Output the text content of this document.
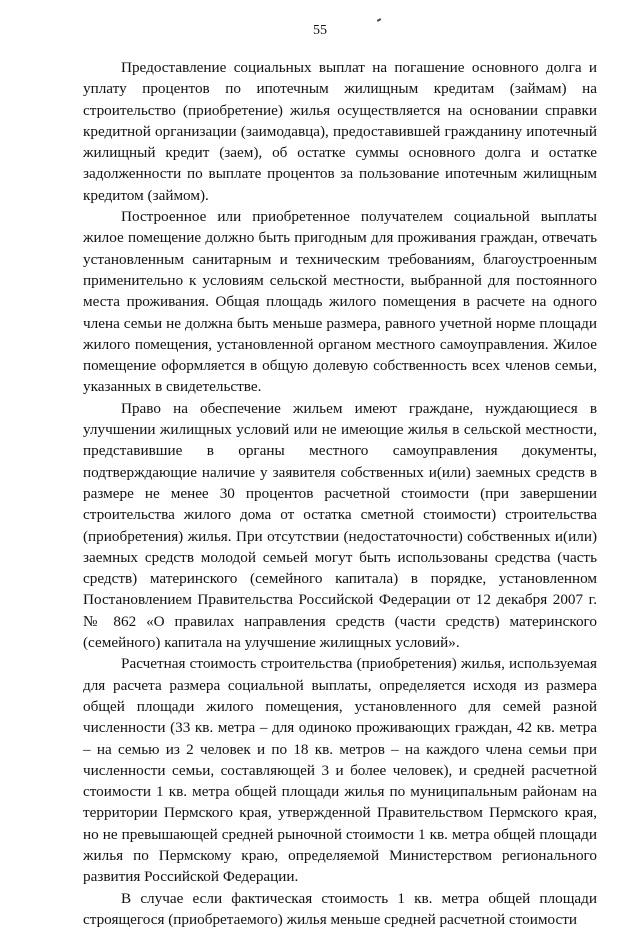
55

Предоставление социальных выплат на погашение основного долга и уплату процентов по ипотечным жилищным кредитам (займам) на строительство (приобретение) жилья осуществляется на основании справки кредитной организации (заимодавца), предоставившей гражданину ипотечный жилищный кредит (заем), об остатке суммы основного долга и остатке задолженности по выплате процентов за пользование ипотечным жилищным кредитом (займом).

Построенное или приобретенное получателем социальной выплаты жилое помещение должно быть пригодным для проживания граждан, отвечать установленным санитарным и техническим требованиям, благоустроенным применительно к условиям сельской местности, выбранной для постоянного места проживания. Общая площадь жилого помещения в расчете на одного члена семьи не должна быть меньше размера, равного учетной норме площади жилого помещения, установленной органом местного самоуправления. Жилое помещение оформляется в общую долевую собственность всех членов семьи, указанных в свидетельстве.

Право на обеспечение жильем имеют граждане, нуждающиеся в улучшении жилищных условий или не имеющие жилья в сельской местности, представившие в органы местного самоуправления документы, подтверждающие наличие у заявителя собственных и(или) заемных средств в размере не менее 30 процентов расчетной стоимости (при завершении строительства жилого дома от остатка сметной стоимости) строительства (приобретения) жилья. При отсутствии (недостаточности) собственных и(или) заемных средств молодой семьей могут быть использованы средства (часть средств) материнского (семейного капитала) в порядке, установленном Постановлением Правительства Российской Федерации от 12 декабря 2007 г. № 862 «О правилах направления средств (части средств) материнского (семейного) капитала на улучшение жилищных условий».

Расчетная стоимость строительства (приобретения) жилья, используемая для расчета размера социальной выплаты, определяется исходя из размера общей площади жилого помещения, установленного для семей разной численности (33 кв. метра – для одиноко проживающих граждан, 42 кв. метра – на семью из 2 человек и по 18 кв. метров – на каждого члена семьи при численности семьи, составляющей 3 и более человек), и средней расчетной стоимости 1 кв. метра общей площади жилья по муниципальным районам на территории Пермского края, утвержденной Правительством Пермского края, но не превышающей средней рыночной стоимости 1 кв. метра общей площади жилья по Пермскому краю, определяемой Министерством регионального развития Российской Федерации.

В случае если фактическая стоимость 1 кв. метра общей площади строящегося (приобретаемого) жилья меньше средней расчетной стоимости
